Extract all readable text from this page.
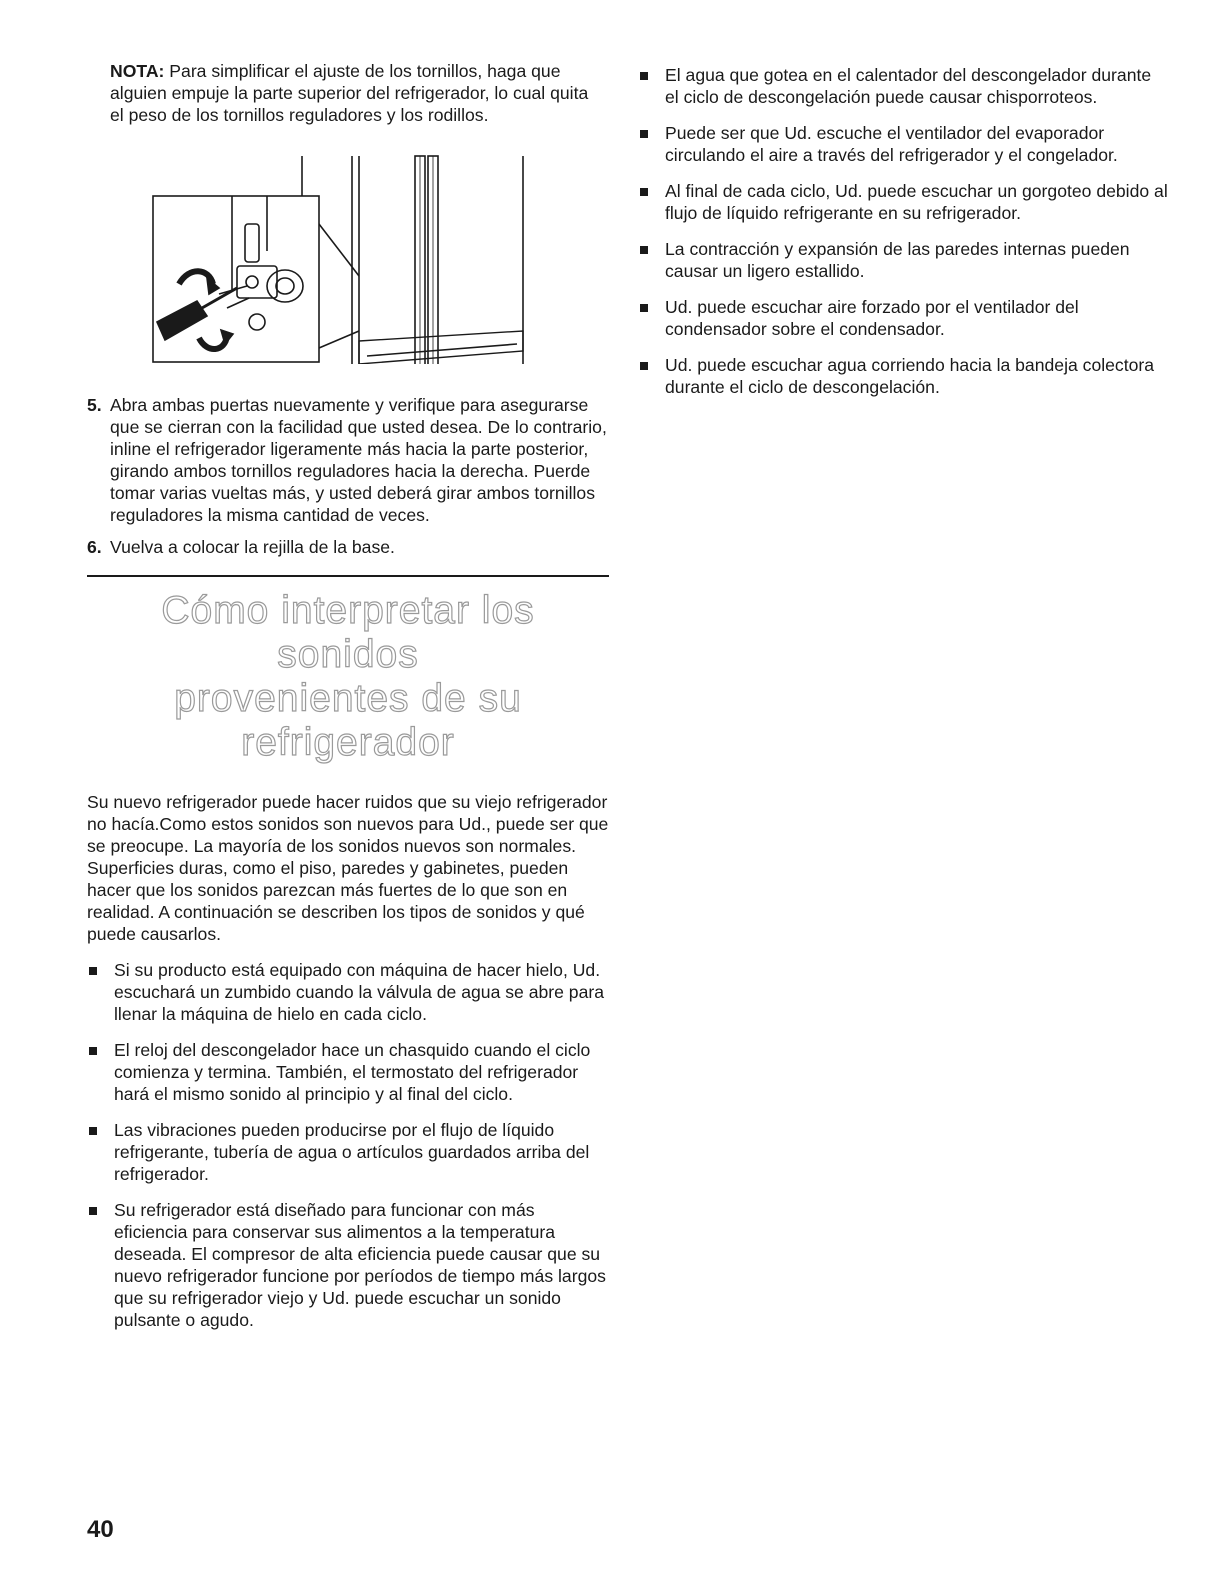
NOTA: Para simplificar el ajuste de los tornillos, haga que alguien empuje la parte superior del refrigerador, lo cual quita el peso de los tornillos reguladores y los rodillos.

5. Abra ambas puertas nuevamente y verifique para asegurarse que se cierran con la facilidad que usted desea. De lo contrario, inline el refrigerador ligeramente más hacia la parte posterior, girando ambos tornillos reguladores hacia la derecha. Puerde tomar varias vueltas más, y usted deberá girar ambos tornillos reguladores la misma cantidad de veces.
6. Vuelva a colocar la rejilla de la base.
Cómo interpretar los sonidos
provenientes de su refrigerador

Su nuevo refrigerador puede hacer ruidos que su viejo refrigerador no hacía.Como estos sonidos son nuevos para Ud., puede ser que se preocupe. La mayoría de los sonidos nuevos son normales. Superficies duras, como el piso, paredes y gabinetes, pueden hacer que los sonidos parezcan más fuertes de lo que son en realidad. A continuación se describen los tipos de sonidos y qué puede causarlos.

Si su producto está equipado con máquina de hacer hielo, Ud. escuchará un zumbido cuando la válvula de agua se abre para llenar la máquina de hielo en cada ciclo.
El reloj del descongelador hace un chasquido cuando el ciclo comienza y termina. También, el termostato del refrigerador hará el mismo sonido al principio y al final del ciclo.
Las vibraciones pueden producirse por el flujo de líquido refrigerante, tubería de agua o artículos guardados arriba del refrigerador.
Su refrigerador está diseñado para funcionar con más eficiencia para conservar sus alimentos a la temperatura deseada. El compresor de alta eficiencia puede causar que su nuevo refrigerador funcione por períodos de tiempo más largos que su refrigerador viejo y Ud. puede escuchar un sonido pulsante o agudo.
El agua que gotea en el calentador del descongelador durante el ciclo de descongelación puede causar chisporroteos.
Puede ser que Ud. escuche el ventilador del evaporador circulando el aire a través del refrigerador y el congelador.
Al final de cada ciclo, Ud. puede escuchar un gorgoteo debido al flujo de líquido refrigerante en su refrigerador.
La contracción y expansión de las paredes internas pueden causar un ligero estallido.
Ud. puede escuchar aire forzado por el ventilador del condensador sobre el condensador.
Ud. puede escuchar agua corriendo hacia la bandeja colectora durante el ciclo de descongelación.
40
